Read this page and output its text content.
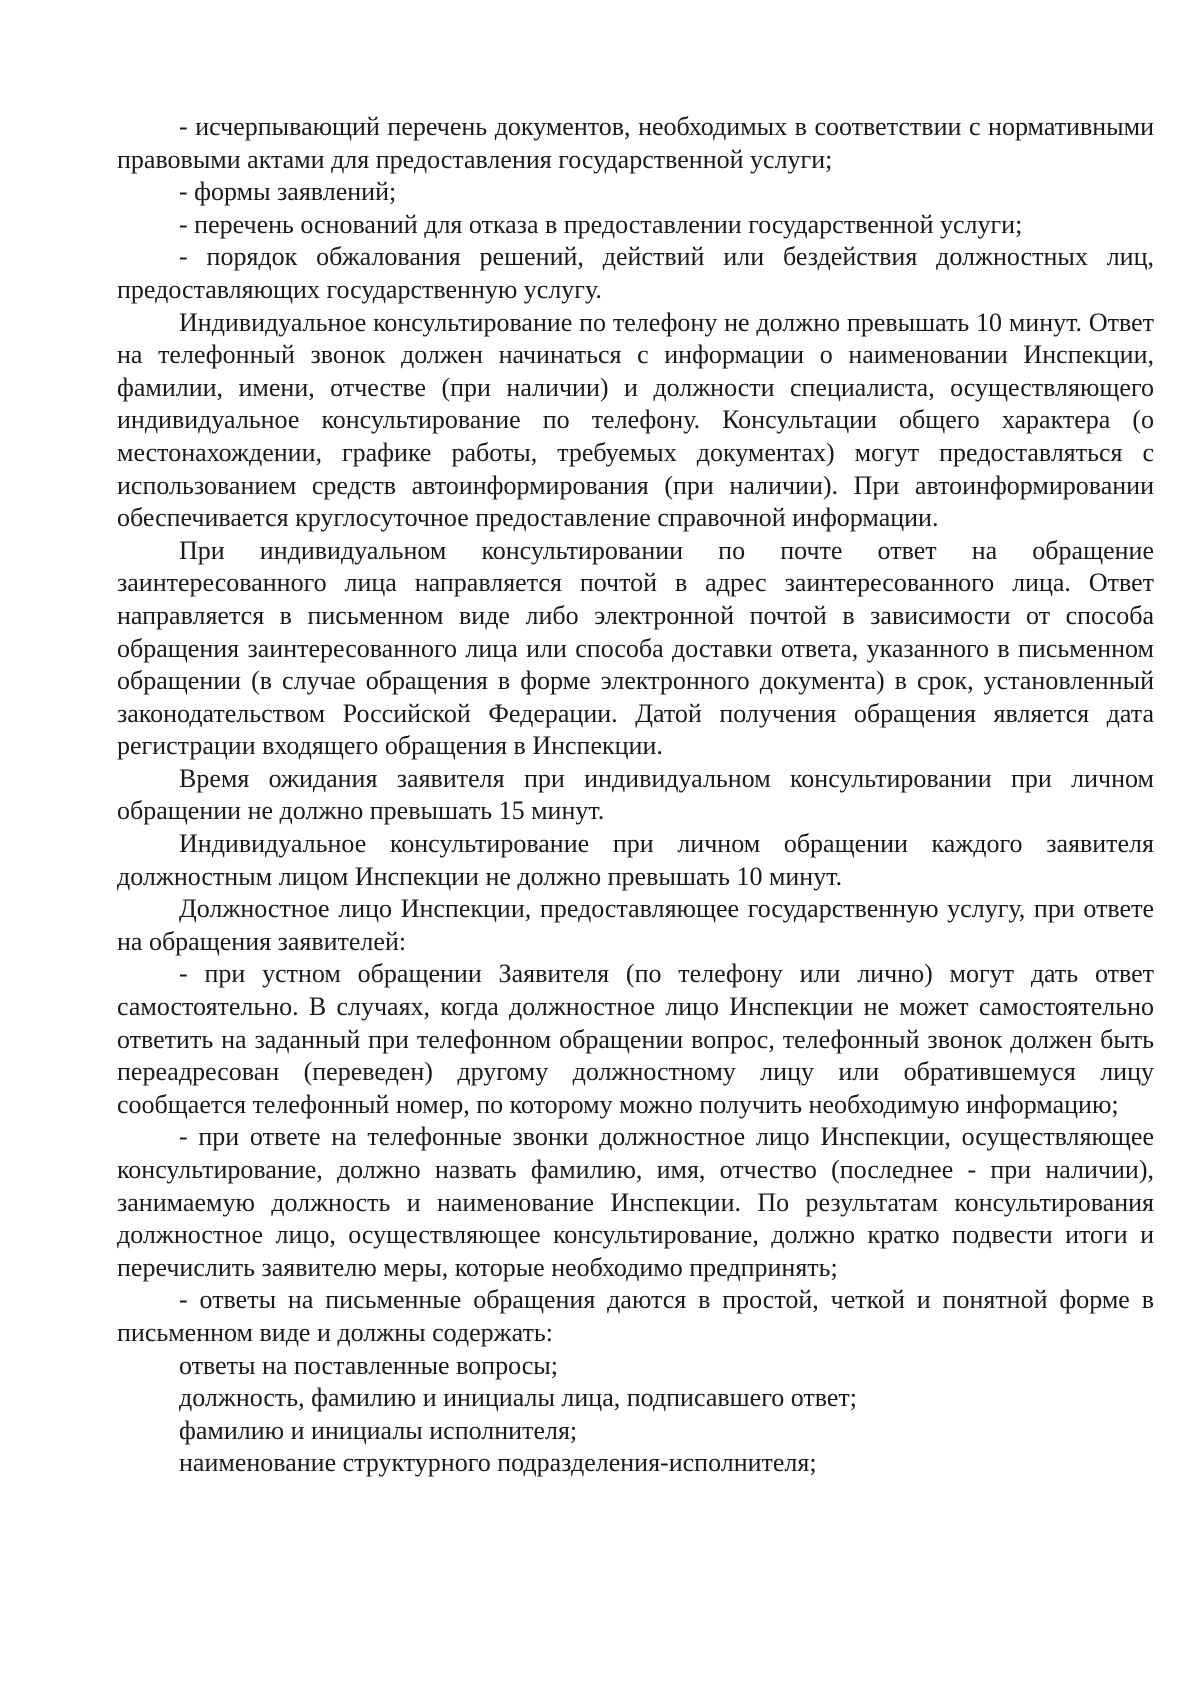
- исчерпывающий перечень документов, необходимых в соответствии с нормативными правовыми актами для предоставления государственной услуги;

- формы заявлений;

- перечень оснований для отказа в предоставлении государственной услуги;

- порядок обжалования решений, действий или бездействия должностных лиц, предоставляющих государственную услугу.

Индивидуальное консультирование по телефону не должно превышать 10 минут. Ответ на телефонный звонок должен начинаться с информации о наименовании Инспекции, фамилии, имени, отчестве (при наличии) и должности специалиста, осуществляющего индивидуальное консультирование по телефону. Консультации общего характера (о местонахождении, графике работы, требуемых документах) могут предоставляться с использованием средств автоинформирования (при наличии). При автоинформировании обеспечивается круглосуточное предоставление справочной информации.

При индивидуальном консультировании по почте ответ на обращение заинтересованного лица направляется почтой в адрес заинтересованного лица. Ответ направляется в письменном виде либо электронной почтой в зависимости от способа обращения заинтересованного лица или способа доставки ответа, указанного в письменном обращении (в случае обращения в форме электронного документа) в срок, установленный законодательством Российской Федерации. Датой получения обращения является дата регистрации входящего обращения в Инспекции.

Время ожидания заявителя при индивидуальном консультировании при личном обращении не должно превышать 15 минут.

Индивидуальное консультирование при личном обращении каждого заявителя должностным лицом Инспекции не должно превышать 10 минут.

Должностное лицо Инспекции, предоставляющее государственную услугу, при ответе на обращения заявителей:

- при устном обращении Заявителя (по телефону или лично) могут дать ответ самостоятельно. В случаях, когда должностное лицо Инспекции не может самостоятельно ответить на заданный при телефонном обращении вопрос, телефонный звонок должен быть переадресован (переведен) другому должностному лицу или обратившемуся лицу сообщается телефонный номер, по которому можно получить необходимую информацию;

- при ответе на телефонные звонки должностное лицо Инспекции, осуществляющее консультирование, должно назвать фамилию, имя, отчество (последнее - при наличии), занимаемую должность и наименование Инспекции. По результатам консультирования должностное лицо, осуществляющее консультирование, должно кратко подвести итоги и перечислить заявителю меры, которые необходимо предпринять;

- ответы на письменные обращения даются в простой, четкой и понятной форме в письменном виде и должны содержать:

ответы на поставленные вопросы;

должность, фамилию и инициалы лица, подписавшего ответ;

фамилию и инициалы исполнителя;

наименование структурного подразделения-исполнителя;
